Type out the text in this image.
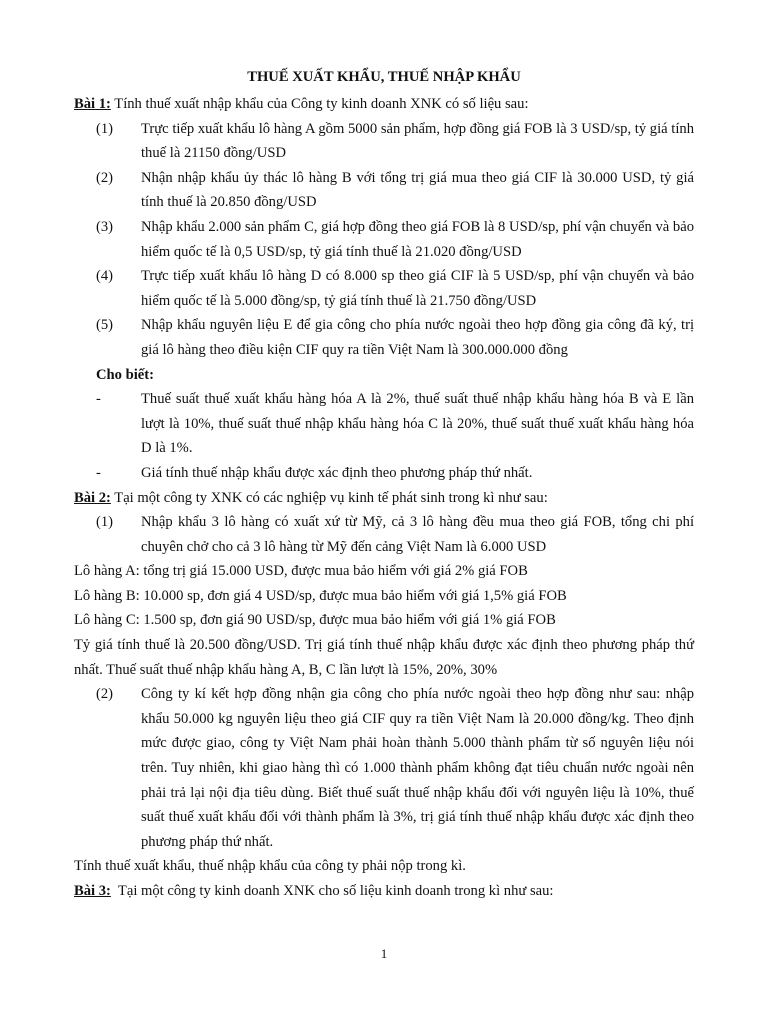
THUẾ XUẤT KHẨU, THUẾ NHẬP KHẨU
Bài 1: Tính thuế xuất nhập khẩu của Công ty kinh doanh XNK có số liệu sau:
(1)	Trực tiếp xuất khẩu lô hàng A gồm 5000 sản phẩm, hợp đồng giá FOB là 3 USD/sp, tỷ giá tính thuế là 21150 đồng/USD
(2)	Nhận nhập khẩu ủy thác lô hàng B với tổng trị giá mua theo giá CIF là 30.000 USD, tỷ giá tính thuế là 20.850 đồng/USD
(3)	Nhập khẩu 2.000 sản phẩm C, giá hợp đồng theo giá FOB là 8 USD/sp, phí vận chuyển và bảo hiểm quốc tế là 0,5 USD/sp, tỷ giá tính thuế là 21.020 đồng/USD
(4)	Trực tiếp xuất khẩu lô hàng D có 8.000 sp theo giá CIF là 5 USD/sp, phí vận chuyển và bảo hiểm quốc tế là 5.000 đồng/sp, tỷ giá tính thuế là 21.750 đồng/USD
(5)	Nhập khẩu nguyên liệu E để gia công cho phía nước ngoài theo hợp đồng gia công đã ký, trị giá lô hàng theo điều kiện CIF quy ra tiền Việt Nam là 300.000.000 đồng
Cho biết:
-	Thuế suất thuế xuất khẩu hàng hóa A là 2%, thuế suất thuế nhập khẩu hàng hóa B và E lần lượt là 10%, thuế suất thuế nhập khẩu hàng hóa C là 20%, thuế suất thuế xuất khẩu hàng hóa D là 1%.
-	Giá tính thuế nhập khẩu được xác định theo phương pháp thứ nhất.
Bài 2: Tại một công ty XNK có các nghiệp vụ kinh tế phát sinh trong kì như sau:
(1)	Nhập khẩu 3 lô hàng có xuất xứ từ Mỹ, cả 3 lô hàng đều mua theo giá FOB, tổng chi phí chuyên chở cho cả 3 lô hàng từ Mỹ đến cảng Việt Nam là 6.000 USD
Lô hàng A: tổng trị giá 15.000 USD, được mua bảo hiểm với giá 2% giá FOB
Lô hàng B: 10.000 sp, đơn giá 4 USD/sp, được mua bảo hiểm với giá 1,5% giá FOB
Lô hàng C: 1.500 sp, đơn giá 90 USD/sp, được mua bảo hiểm với giá 1% giá FOB
Tỷ giá tính thuế là 20.500 đồng/USD. Trị giá tính thuế nhập khẩu được xác định theo phương pháp thứ nhất. Thuế suất thuế nhập khẩu hàng A, B, C lần lượt là 15%, 20%, 30%
(2)	Công ty kí kết hợp đồng nhận gia công cho phía nước ngoài theo hợp đồng như sau: nhập khẩu 50.000 kg nguyên liệu theo giá CIF quy ra tiền Việt Nam là 20.000 đồng/kg. Theo định mức được giao, công ty Việt Nam phải hoàn thành 5.000 thành phẩm từ số nguyên liệu nói trên. Tuy nhiên, khi giao hàng thì có 1.000 thành phẩm không đạt tiêu chuẩn nước ngoài nên phải trả lại nội địa tiêu dùng. Biết thuế suất thuế nhập khẩu đối với nguyên liệu là 10%, thuế suất thuế xuất khẩu đối với thành phẩm là 3%, trị giá tính thuế nhập khẩu được xác định theo phương pháp thứ nhất.
Tính thuế xuất khẩu, thuế nhập khẩu của công ty phải nộp trong kì.
Bài 3:  Tại một công ty kinh doanh XNK cho số liệu kinh doanh trong kì như sau:
1
